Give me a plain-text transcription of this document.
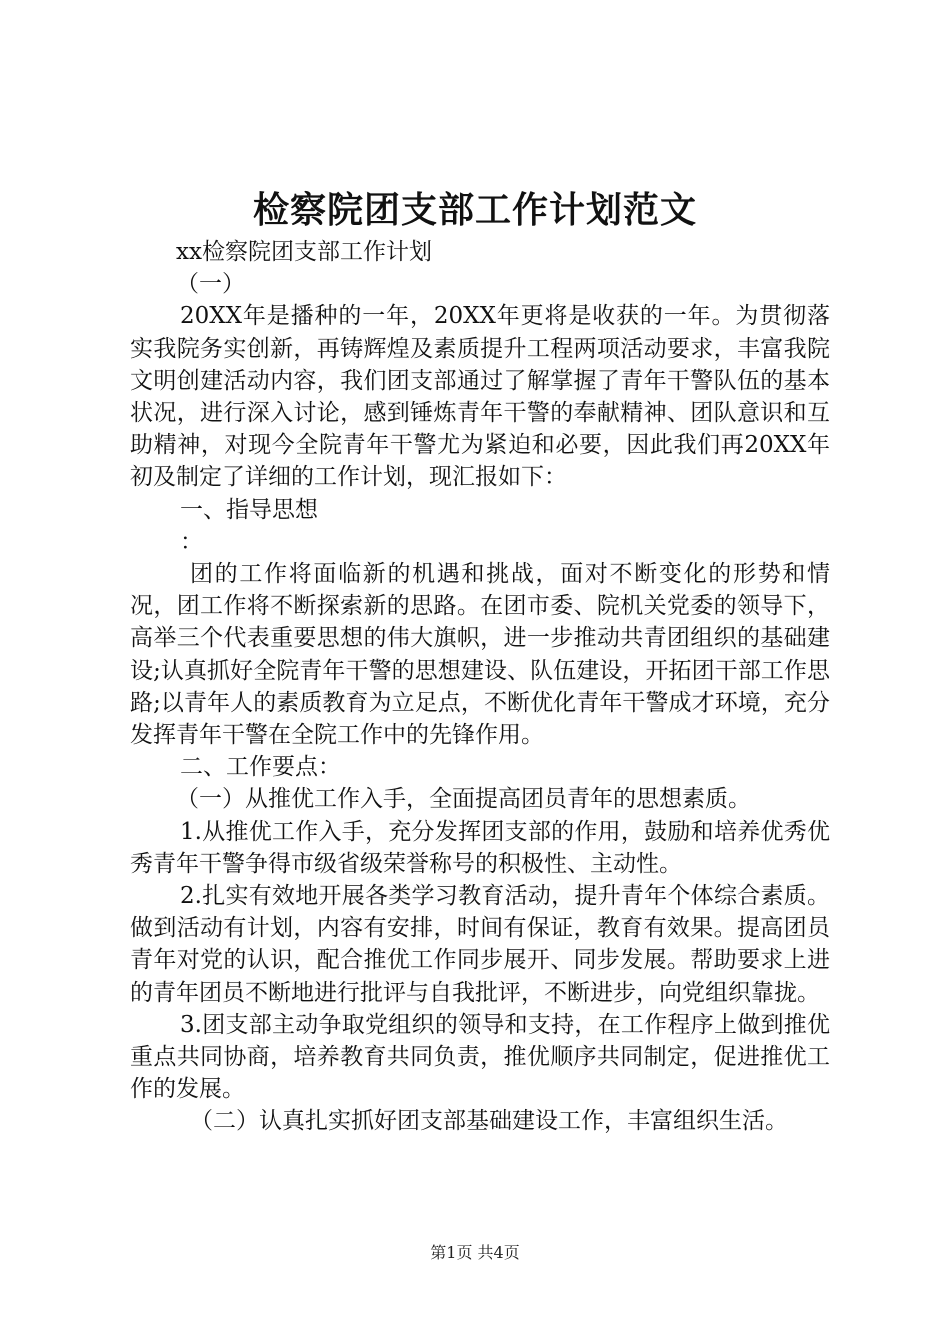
检察院团支部工作计划范文

xx检察院团支部工作计划

（一）

20XX年是播种的一年，20XX年更将是收获的一年。为贯彻落实我院务实创新，再铸辉煌及素质提升工程两项活动要求，丰富我院文明创建活动内容，我们团支部通过了解掌握了青年干警队伍的基本状况，进行深入讨论，感到锤炼青年干警的奉献精神、团队意识和互助精神，对现今全院青年干警尤为紧迫和必要，因此我们再20XX年初及制定了详细的工作计划，现汇报如下：

一、指导思想

：

团的工作将面临新的机遇和挑战，面对不断变化的形势和情况，团工作将不断探索新的思路。在团市委、院机关党委的领导下，高举三个代表重要思想的伟大旗帜，进一步推动共青团组织的基础建设;认真抓好全院青年干警的思想建设、队伍建设，开拓团干部工作思路;以青年人的素质教育为立足点，不断优化青年干警成才环境，充分发挥青年干警在全院工作中的先锋作用。

二、工作要点：

（一）从推优工作入手，全面提高团员青年的思想素质。

1.从推优工作入手，充分发挥团支部的作用，鼓励和培养优秀优秀青年干警争得市级省级荣誉称号的积极性、主动性。

2.扎实有效地开展各类学习教育活动，提升青年个体综合素质。做到活动有计划，内容有安排，时间有保证，教育有效果。提高团员青年对党的认识，配合推优工作同步展开、同步发展。帮助要求上进的青年团员不断地进行批评与自我批评，不断进步，向党组织靠拢。

3.团支部主动争取党组织的领导和支持，在工作程序上做到推优重点共同协商，培养教育共同负责，推优顺序共同制定，促进推优工作的发展。

（二）认真扎实抓好团支部基础建设工作，丰富组织生活。

第1页 共4页
